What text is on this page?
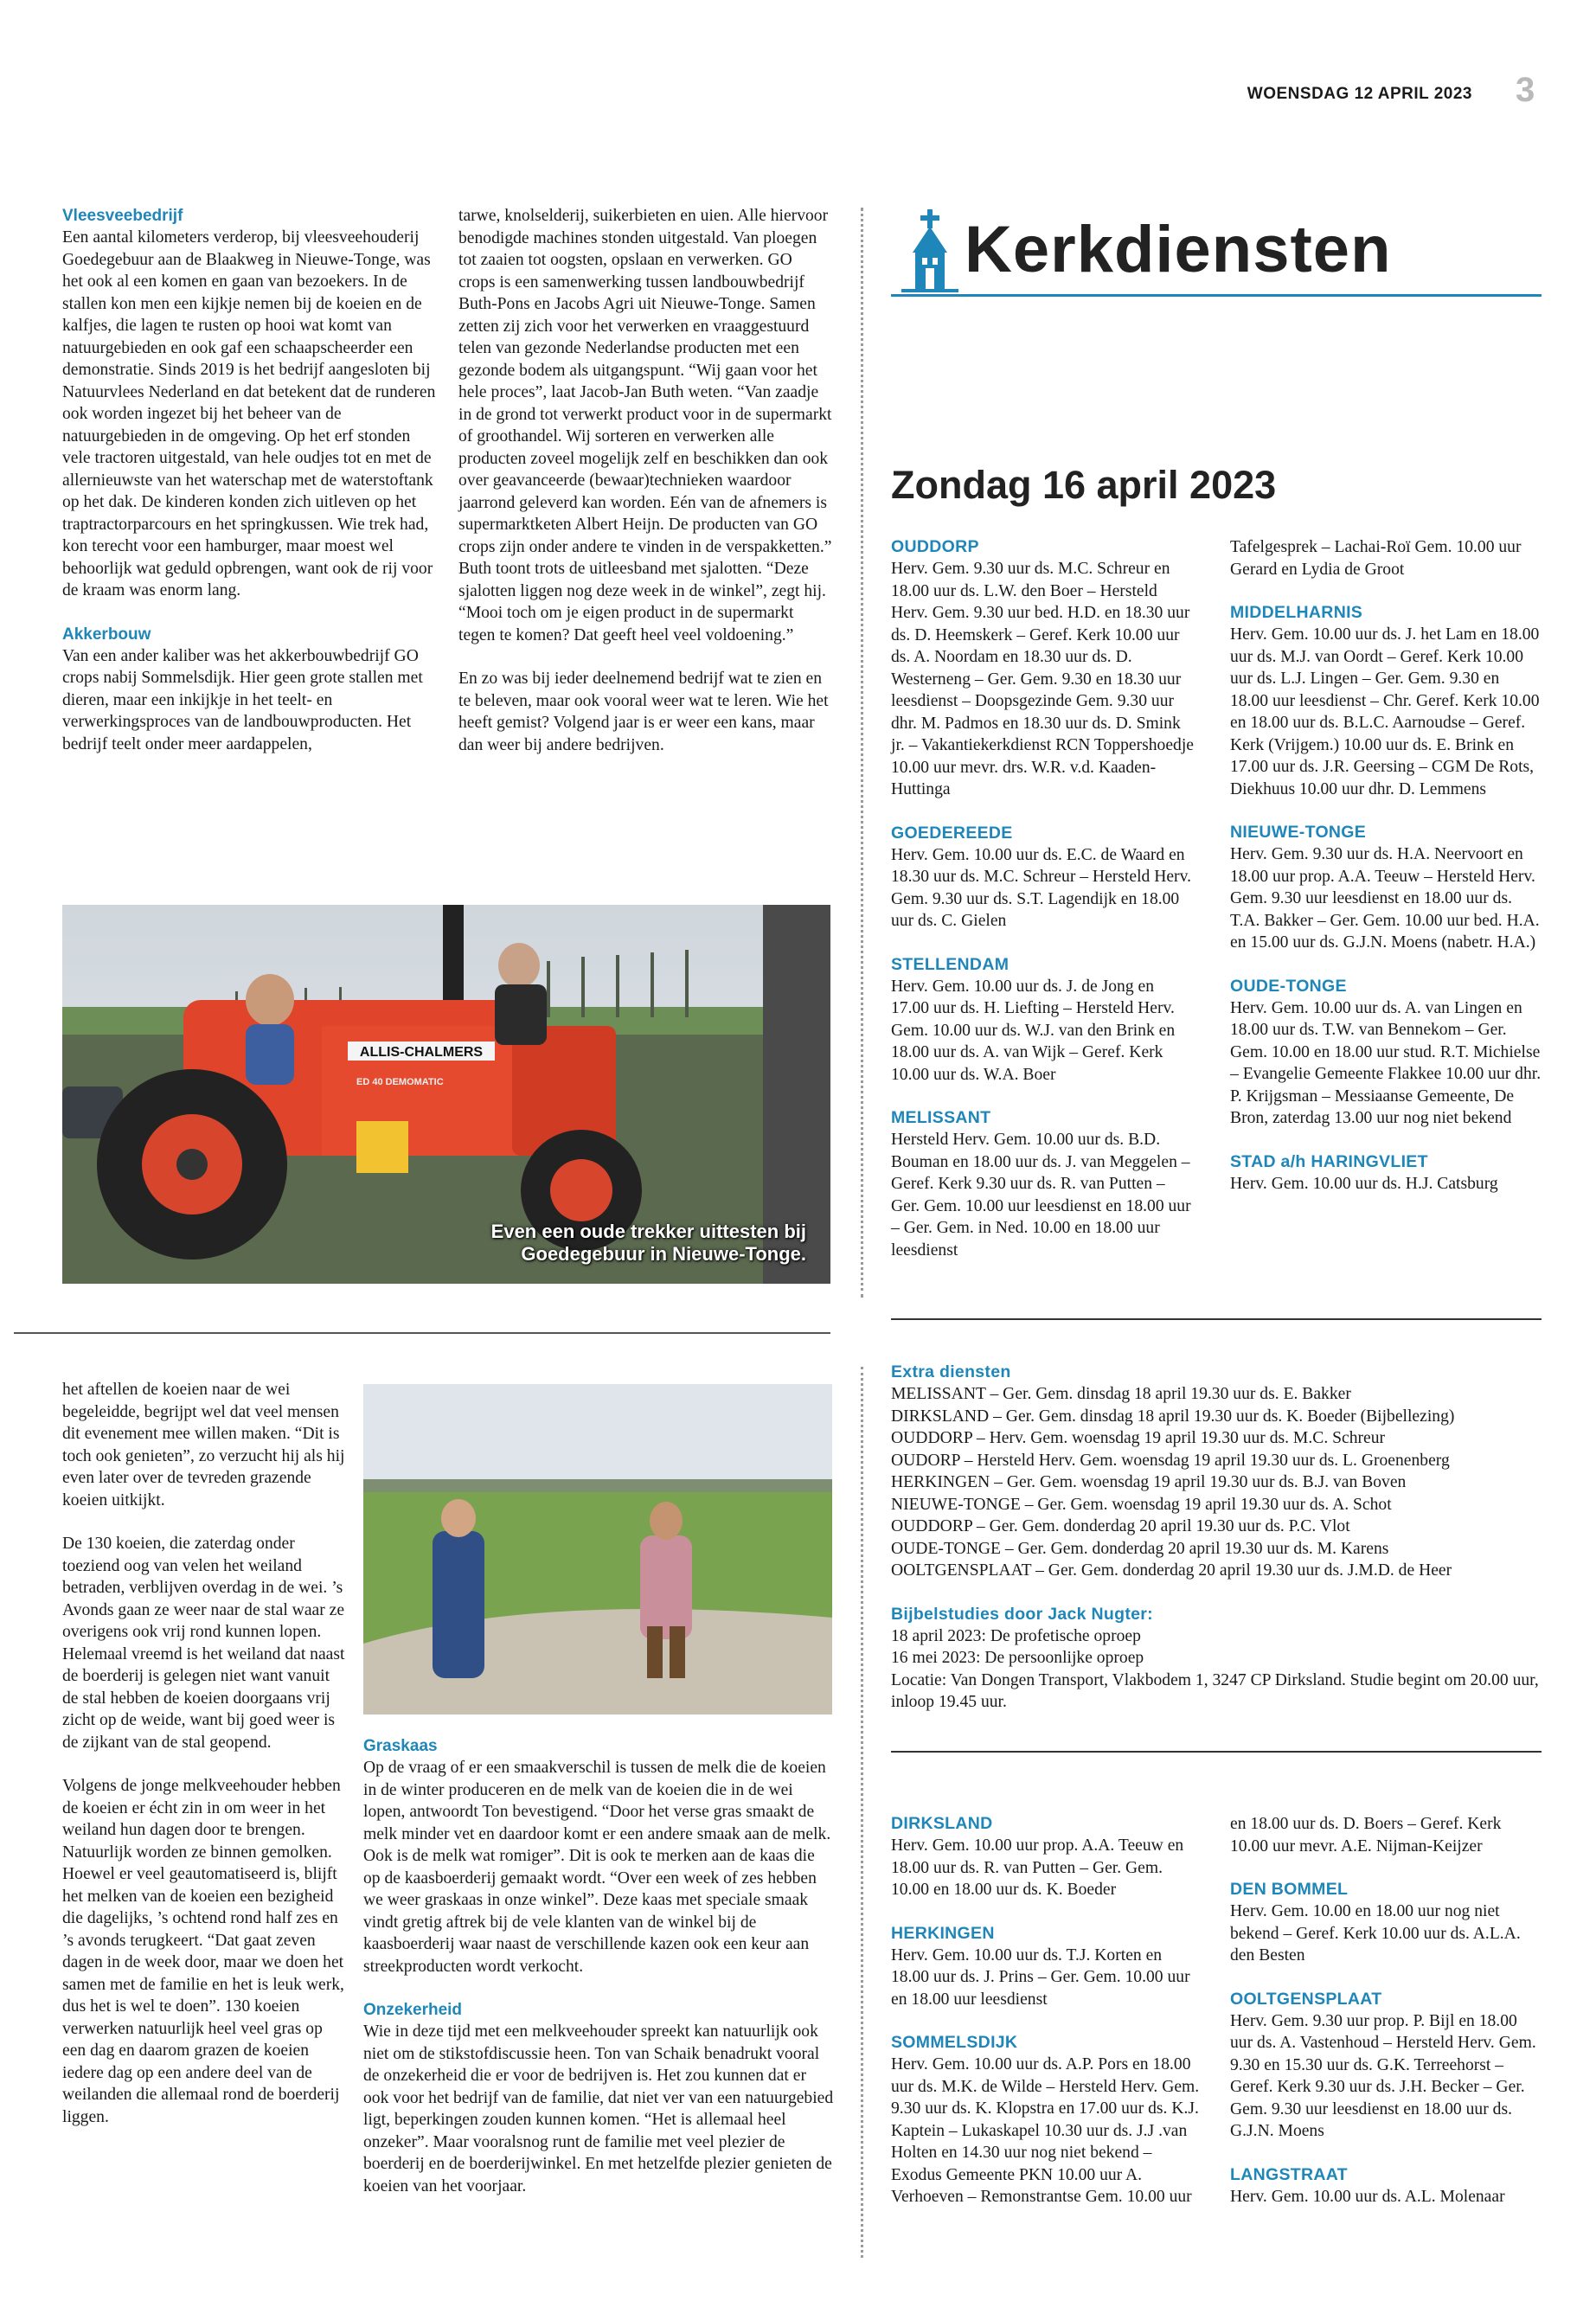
WOENSDAG 12 APRIL 2023 3
Vleesveebedrijf

Een aantal kilometers verderop, bij vleesveehouderij Goedegebuur aan de Blaakweg in Nieuwe-Tonge, was het ook al een komen en gaan van bezoekers. In de stallen kon men een kijkje nemen bij de koeien en de kalfjes, die lagen te rusten op hooi wat komt van natuurgebieden en ook gaf een schaapscheerder een demonstratie. Sinds 2019 is het bedrijf aangesloten bij Natuurvlees Nederland en dat betekent dat de runderen ook worden ingezet bij het beheer van de natuurgebieden in de omgeving. Op het erf stonden vele tractoren uitgestald, van hele oudjes tot en met de allernieuwste van het waterschap met de waterstoftank op het dak. De kinderen konden zich uitleven op het traptractorparcours en het springkussen. Wie trek had, kon terecht voor een hamburger, maar moest wel behoorlijk wat geduld opbrengen, want ook de rij voor de kraam was enorm lang.

Akkerbouw

Van een ander kaliber was het akkerbouwbedrijf GO crops nabij Sommelsdijk. Hier geen grote stallen met dieren, maar een inkijkje in het teelt- en verwerkingsproces van de landbouwproducten. Het bedrijf teelt onder meer aardappelen,

tarwe, knolselderij, suikerbieten en uien. Alle hiervoor benodigde machines stonden uitgestald. Van ploegen tot zaaien tot oogsten, opslaan en verwerken. GO crops is een samenwerking tussen landbouwbedrijf Buth-Pons en Jacobs Agri uit Nieuwe-Tonge. Samen zetten zij zich voor het verwerken en vraaggestuurd telen van gezonde Nederlandse producten met een gezonde bodem als uitgangspunt. “Wij gaan voor het hele proces”, laat Jacob-Jan Buth weten. “Van zaadje in de grond tot verwerkt product voor in de supermarkt of groothandel. Wij sorteren en verwerken alle producten zoveel mogelijk zelf en beschikken dan ook over geavanceerde (bewaar)technieken waardoor jaarrond geleverd kan worden. Eén van de afnemers is supermarktketen Albert Heijn. De producten van GO crops zijn onder andere te vinden in de verspakketten.” Buth toont trots de uitleesband met sjalotten. “Deze sjalotten liggen nog deze week in de winkel”, zegt hij. “Mooi toch om je eigen product in de supermarkt tegen te komen? Dat geeft heel veel voldoening.”

En zo was bij ieder deelnemend bedrijf wat te zien en te beleven, maar ook vooral weer wat te leren. Wie het heeft gemist? Volgend jaar is er weer een kans, maar dan weer bij andere bedrijven.

ALLIS-CHALMERS
ED 40 DEMOMATIC
Even een oude trekker uittesten bij
Goedegebuur in Nieuwe-Tonge.

het aftellen de koeien naar de wei begeleidde, begrijpt wel dat veel mensen dit evenement mee willen maken. “Dit is toch ook genieten”, zo verzucht hij als hij even later over de tevreden grazende koeien uitkijkt.

De 130 koeien, die zaterdag onder toeziend oog van velen het weiland betraden, verblijven overdag in de wei. ’s Avonds gaan ze weer naar de stal waar ze overigens ook vrij rond kunnen lopen. Helemaal vreemd is het weiland dat naast de boerderij is gelegen niet want vanuit de stal hebben de koeien doorgaans vrij zicht op de weide, want bij goed weer is de zijkant van de stal geopend.

Volgens de jonge melkveehouder hebben de koeien er écht zin in om weer in het weiland hun dagen door te brengen. Natuurlijk worden ze binnen gemolken. Hoewel er veel geautomatiseerd is, blijft het melken van de koeien een bezigheid die dagelijks, ’s ochtend rond half zes en ’s avonds terugkeert. “Dat gaat zeven dagen in de week door, maar we doen het samen met de familie en het is leuk werk, dus het is wel te doen”. 130 koeien verwerken natuurlijk heel veel gras op een dag en daarom grazen de koeien iedere dag op een andere deel van de weilanden die allemaal rond de boerderij liggen.

Graskaas

Op de vraag of er een smaakverschil is tussen de melk die de koeien in de winter produceren en de melk van de koeien die in de wei lopen, antwoordt Ton bevestigend. “Door het verse gras smaakt de melk minder vet en daardoor komt er een andere smaak aan de melk. Ook is de melk wat romiger”. Dit is ook te merken aan de kaas die op de kaasboerderij gemaakt wordt. “Over een week of zes hebben we weer graskaas in onze winkel”. Deze kaas met speciale smaak vindt gretig aftrek bij de vele klanten van de winkel bij de kaasboerderij waar naast de verschillende kazen ook een keur aan streekproducten wordt verkocht.

Onzekerheid

Wie in deze tijd met een melkveehouder spreekt kan natuurlijk ook niet om de stikstofdiscussie heen. Ton van Schaik benadrukt vooral de onzekerheid die er voor de bedrijven is. Het zou kunnen dat er ook voor het bedrijf van de familie, dat niet ver van een natuurgebied ligt, beperkingen zouden kunnen komen. “Het is allemaal heel onzeker”. Maar vooralsnog runt de familie met veel plezier de boerderij en de boerderijwinkel. En met hetzelfde plezier genieten de koeien van het voorjaar.

Kerkdiensten
Zondag 16 april 2023
OUDDORP
Herv. Gem. 9.30 uur ds. M.C. Schreur en 18.00 uur ds. L.W. den Boer – Hersteld Herv. Gem. 9.30 uur bed. H.D. en 18.30 uur ds. D. Heemskerk – Geref. Kerk 10.00 uur ds. A. Noordam en 18.30 uur ds. D. Westerneng – Ger. Gem. 9.30 en 18.30 uur leesdienst – Doopsgezinde Gem. 9.30 uur dhr. M. Padmos en 18.30 uur ds. D. Smink jr. – Vakantiekerkdienst RCN Toppershoedje 10.00 uur mevr. drs. W.R. v.d. Kaaden-Huttinga
GOEDEREEDE
Herv. Gem. 10.00 uur ds. E.C. de Waard en 18.30 uur ds. M.C. Schreur – Hersteld Herv. Gem. 9.30 uur ds. S.T. Lagendijk en 18.00 uur ds. C. Gielen
STELLENDAM
Herv. Gem. 10.00 uur ds. J. de Jong en 17.00 uur ds. H. Liefting – Hersteld Herv. Gem. 10.00 uur ds. W.J. van den Brink en 18.00 uur ds. A. van Wijk – Geref. Kerk 10.00 uur ds. W.A. Boer
MELISSANT
Hersteld Herv. Gem. 10.00 uur ds. B.D. Bouman en 18.00 uur ds. J. van Meggelen – Geref. Kerk 9.30 uur ds. R. van Putten – Ger. Gem. 10.00 uur leesdienst en 18.00 uur – Ger. Gem. in Ned. 10.00 en 18.00 uur leesdienst
Tafelgesprek – Lachai-Roï Gem. 10.00 uur Gerard en Lydia de Groot
MIDDELHARNIS
Herv. Gem. 10.00 uur ds. J. het Lam en 18.00 uur ds. M.J. van Oordt – Geref. Kerk 10.00 uur ds. L.J. Lingen – Ger. Gem. 9.30 en 18.00 uur leesdienst – Chr. Geref. Kerk 10.00 en 18.00 uur ds. B.L.C. Aarnoudse – Geref. Kerk (Vrijgem.) 10.00 uur ds. E. Brink en 17.00 uur ds. J.R. Geersing – CGM De Rots, Diekhuus 10.00 uur dhr. D. Lemmens
NIEUWE-TONGE
Herv. Gem. 9.30 uur ds. H.A. Neervoort en 18.00 uur prop. A.A. Teeuw – Hersteld Herv. Gem. 9.30 uur leesdienst en 18.00 uur ds. T.A. Bakker – Ger. Gem. 10.00 uur bed. H.A. en 15.00 uur ds. G.J.N. Moens (nabetr. H.A.)
OUDE-TONGE
Herv. Gem. 10.00 uur ds. A. van Lingen en 18.00 uur ds. T.W. van Bennekom – Ger. Gem. 10.00 en 18.00 uur stud. R.T. Michielse – Evangelie Gemeente Flakkee 10.00 uur dhr. P. Krijgsman – Messiaanse Gemeente, De Bron, zaterdag 13.00 uur nog niet bekend
STAD a/h HARINGVLIET
Herv. Gem. 10.00 uur ds. H.J. Catsburg
Extra diensten

MELISSANT – Ger. Gem. dinsdag 18 april 19.30 uur ds. E. Bakker

DIRKSLAND – Ger. Gem. dinsdag 18 april 19.30 uur ds. K. Boeder (Bijbellezing)

OUDDORP – Herv. Gem. woensdag 19 april 19.30 uur ds. M.C. Schreur

OUDORP – Hersteld Herv. Gem. woensdag 19 april 19.30 uur ds. L. Groenenberg

HERKINGEN – Ger. Gem. woensdag 19 april 19.30 uur ds. B.J. van Boven

NIEUWE-TONGE – Ger. Gem. woensdag 19 april 19.30 uur ds. A. Schot

OUDDORP – Ger. Gem. donderdag 20 april 19.30 uur ds. P.C. Vlot

OUDE-TONGE – Ger. Gem. donderdag 20 april 19.30 uur ds. M. Karens

OOLTGENSPLAAT – Ger. Gem. donderdag 20 april 19.30 uur ds. J.M.D. de Heer

Bijbelstudies door Jack Nugter:

18 april 2023: De profetische oproep

16 mei 2023: De persoonlijke oproep

Locatie: Van Dongen Transport, Vlakbodem 1, 3247 CP Dirksland. Studie begint om 20.00 uur, inloop 19.45 uur.

DIRKSLAND
Herv. Gem. 10.00 uur prop. A.A. Teeuw en 18.00 uur ds. R. van Putten – Ger. Gem. 10.00 en 18.00 uur ds. K. Boeder
HERKINGEN
Herv. Gem. 10.00 uur ds. T.J. Korten en 18.00 uur ds. J. Prins – Ger. Gem. 10.00 uur en 18.00 uur leesdienst
SOMMELSDIJK
Herv. Gem. 10.00 uur ds. A.P. Pors en 18.00 uur ds. M.K. de Wilde – Hersteld Herv. Gem. 9.30 uur ds. K. Klopstra en 17.00 uur ds. K.J. Kaptein – Lukaskapel 10.30 uur ds. J.J .van Holten en 14.30 uur nog niet bekend – Exodus Gemeente PKN 10.00 uur A. Verhoeven – Remonstrantse Gem. 10.00 uur
en 18.00 uur ds. D. Boers – Geref. Kerk 10.00 uur mevr. A.E. Nijman-Keijzer
DEN BOMMEL
Herv. Gem. 10.00 en 18.00 uur nog niet bekend – Geref. Kerk 10.00 uur ds. A.L.A. den Besten
OOLTGENSPLAAT
Herv. Gem. 9.30 uur prop. P. Bijl en 18.00 uur ds. A. Vastenhoud – Hersteld Herv. Gem. 9.30 en 15.30 uur ds. G.K. Terreehorst – Geref. Kerk 9.30 uur ds. J.H. Becker – Ger. Gem. 9.30 uur leesdienst en 18.00 uur ds. G.J.N. Moens
LANGSTRAAT
Herv. Gem. 10.00 uur ds. A.L. Molenaar
